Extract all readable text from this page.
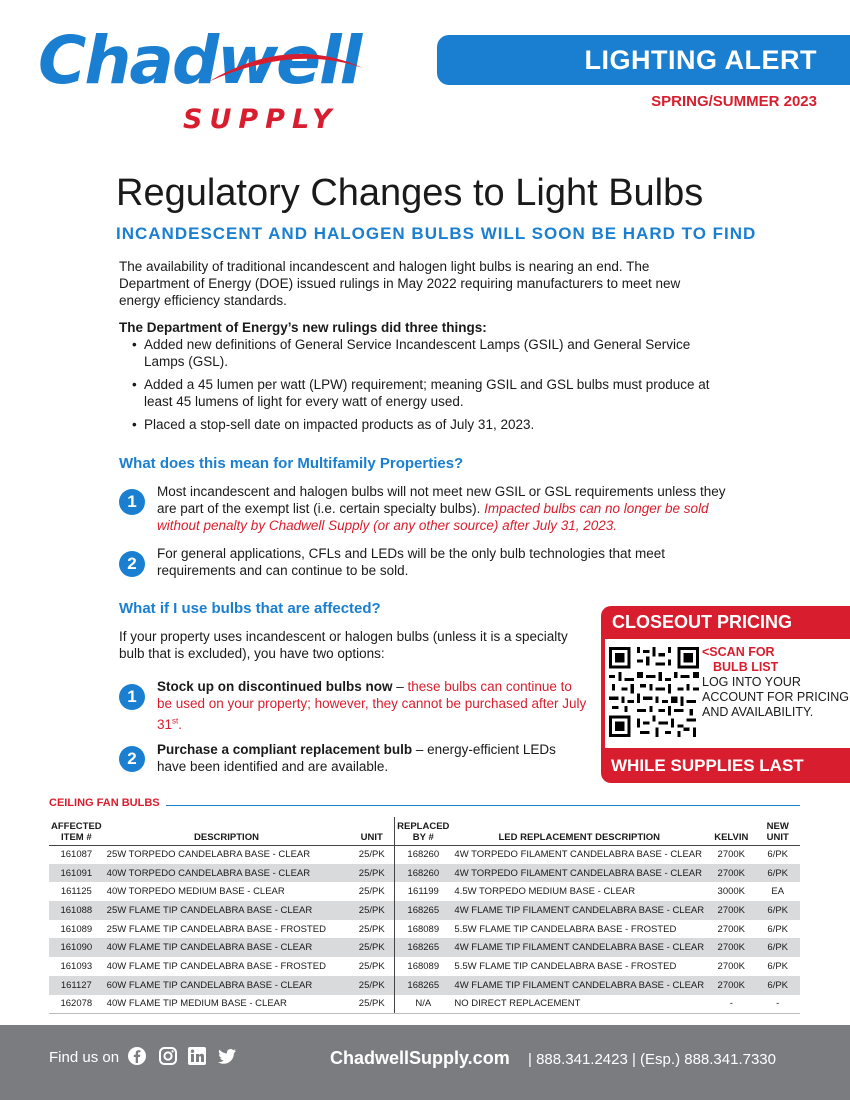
Chadwell
SUPPLY
LIGHTING ALERT
SPRING/SUMMER 2023
Regulatory Changes to Light Bulbs
INCANDESCENT AND HALOGEN BULBS WILL SOON BE HARD TO FIND

The availability of traditional incandescent and halogen light bulbs is nearing an end. The Department of Energy (DOE) issued rulings in May 2022 requiring manufacturers to meet new energy efficiency standards.

The Department of Energy’s new rulings did three things:
• Added new definitions of General Service Incandescent Lamps (GSIL) and General Service Lamps (GSL).
• Added a 45 lumen per watt (LPW) requirement; meaning GSIL and GSL bulbs must produce at least 45 lumens of light for every watt of energy used.
• Placed a stop-sell date on impacted products as of July 31, 2023.
What does this mean for Multifamily Properties?
1
Most incandescent and halogen bulbs will not meet new GSIL or GSL requirements unless they are part of the exempt list (i.e. certain specialty bulbs). Impacted bulbs can no longer be sold without penalty by Chadwell Supply (or any other source) after July 31, 2023.
2
For general applications, CFLs and LEDs will be the only bulb technologies that meet requirements and can continue to be sold.
What if I use bulbs that are affected?

If your property uses incandescent or halogen bulbs (unless it is a specialty bulb that is excluded), you have two options:

1
Stock up on discontinued bulbs now – these bulbs can continue to be used on your property; however, they cannot be purchased after July 31st.
2	Purchase a compliant replacement bulb – energy-efficient LEDs have been identified and are available.
CLOSEOUT PRICING
<SCAN FOR
BULB LIST
LOG INTO YOUR ACCOUNT FOR PRICING AND AVAILABILITY.
WHILE SUPPLIES LAST
CEILING FAN BULBS
AFFECTED
ITEM #	DESCRIPTION	UNIT	REPLACED
BY #	LED REPLACEMENT DESCRIPTION	KELVIN	NEW
UNIT
161087	25W TORPEDO CANDELABRA BASE - CLEAR	25/PK	168260	4W TORPEDO FILAMENT CANDELABRA BASE - CLEAR	2700K	6/PK
161091	40W TORPEDO CANDELABRA BASE - CLEAR	25/PK	168260	4W TORPEDO FILAMENT CANDELABRA BASE - CLEAR	2700K	6/PK
161125	40W TORPEDO MEDIUM BASE - CLEAR	25/PK	161199	4.5W TORPEDO MEDIUM BASE - CLEAR	3000K	EA
161088	25W FLAME TIP CANDELABRA BASE - CLEAR	25/PK	168265	4W FLAME TIP FILAMENT CANDELABRA BASE - CLEAR	2700K	6/PK
161089	25W FLAME TIP CANDELABRA BASE - FROSTED	25/PK	168089	5.5W FLAME TIP CANDELABRA BASE - FROSTED	2700K	6/PK
161090	40W FLAME TIP CANDELABRA BASE - CLEAR	25/PK	168265	4W FLAME TIP FILAMENT CANDELABRA BASE - CLEAR	2700K	6/PK
161093	40W FLAME TIP CANDELABRA BASE - FROSTED	25/PK	168089	5.5W FLAME TIP CANDELABRA BASE - FROSTED	2700K	6/PK
161127	60W FLAME TIP CANDELABRA BASE - CLEAR	25/PK	168265	4W FLAME TIP FILAMENT CANDELABRA BASE - CLEAR	2700K	6/PK
162078	40W FLAME TIP MEDIUM BASE - CLEAR	25/PK	N/A	NO DIRECT REPLACEMENT	-	-
Find us on	ChadwellSupply.com | 888.341.2423 | (Esp.) 888.341.7330
